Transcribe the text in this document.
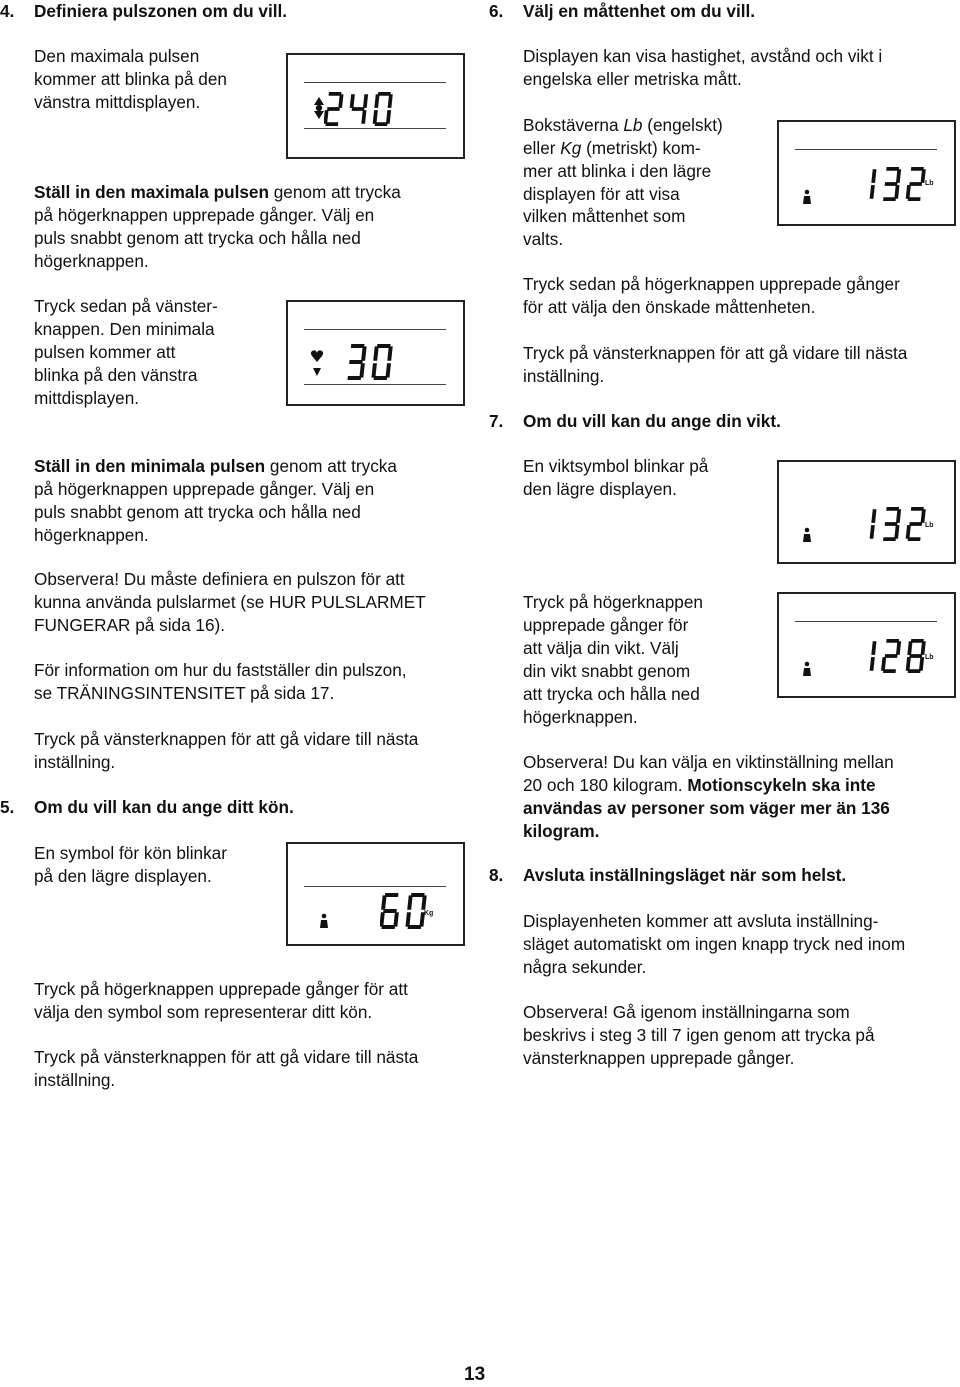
4. Definiera pulszonen om du vill.

Den maximala pulsen

kommer att blinka på den

vänstra mittdisplayen.

Ställ in den maximala pulsen genom att trycka

på högerknappen upprepade gånger. Välj en

puls snabbt genom att trycka och hålla ned

högerknappen.

Tryck sedan på vänster-

knappen. Den minimala

pulsen kommer att

blinka på den vänstra

mittdisplayen.

Ställ in den minimala pulsen genom att trycka

på högerknappen upprepade gånger. Välj en

puls snabbt genom att trycka och hålla ned

högerknappen.

Observera! Du måste definiera en pulszon för att

kunna använda pulslarmet (se HUR PULSLARMET

FUNGERAR på sida 16).

För information om hur du fastställer din pulszon,

se TRÄNINGSINTENSITET på sida 17.

Tryck på vänsterknappen för att gå vidare till nästa

inställning.

5. Om du vill kan du ange ditt kön.

En symbol för kön blinkar

på den lägre displayen.

Tryck på högerknappen upprepade gånger för att

välja den symbol som representerar ditt kön.

Tryck på vänsterknappen för att gå vidare till nästa

inställning.

Kg
6. Välj en måttenhet om du vill.

Displayen kan visa hastighet, avstånd och vikt i

engelska eller metriska mått.

Bokstäverna Lb (engelskt)

eller Kg (metriskt) kom-

mer att blinka i den lägre

displayen för att visa

vilken måttenhet som

valts.

Tryck sedan på högerknappen upprepade gånger

för att välja den önskade måttenheten.

Tryck på vänsterknappen för att gå vidare till nästa

inställning.

Lb
7. Om du vill kan du ange din vikt.

En viktsymbol blinkar på

den lägre displayen.

Tryck på högerknappen

upprepade gånger för

att välja din vikt. Välj

din vikt snabbt genom

att trycka och hålla ned

högerknappen.

Observera! Du kan välja en viktinställning mellan

20 och 180 kilogram. Motionscykeln ska inte

användas av personer som väger mer än 136

kilogram.

Lb
Lb
8. Avsluta inställningsläget när som helst.

Displayenheten kommer att avsluta inställning-

släget automatiskt om ingen knapp tryck ned inom

några sekunder.

Observera! Gå igenom inställningarna som

beskrivs i steg 3 till 7 igen genom att trycka på

vänsterknappen upprepade gånger.

13
